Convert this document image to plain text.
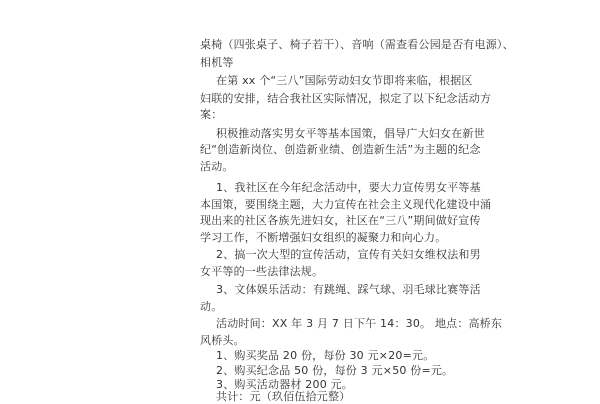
桌椅（四张桌子、椅子若干）、音响（需查看公园是否有电源）、
相机等
在第 xx 个“三八”国际劳动妇女节即将来临，根据区
妇联的安排，结合我社区实际情况，拟定了以下纪念活动方
案：
积极推动落实男女平等基本国策，倡导广大妇女在新世
纪“创造新岗位、创造新业绩、创造新生活”为主题的纪念
活动。
1、我社区在今年纪念活动中，要大力宣传男女平等基
本国策，要围绕主题，大力宣传在社会主义现代化建设中涌
现出来的社区各族先进妇女，社区在“三八”期间做好宣传
学习工作，不断增强妇女组织的凝聚力和向心力。
2、搞一次大型的宣传活动，宣传有关妇女维权法和男
女平等的一些法律法规。
3、文体娱乐活动：有跳绳、踩气球、羽毛球比赛等活
动。
活动时间：XX 年 3 月 7 日下午 14：30。 地点：高桥东
风桥头。
1、购买奖品 20 份，每份 30 元×20=元。
2、购买纪念品 50 份，每份 3 元×50 份=元。
3、购买活动器材 200 元。
共计：元（玖佰伍拾元整）
